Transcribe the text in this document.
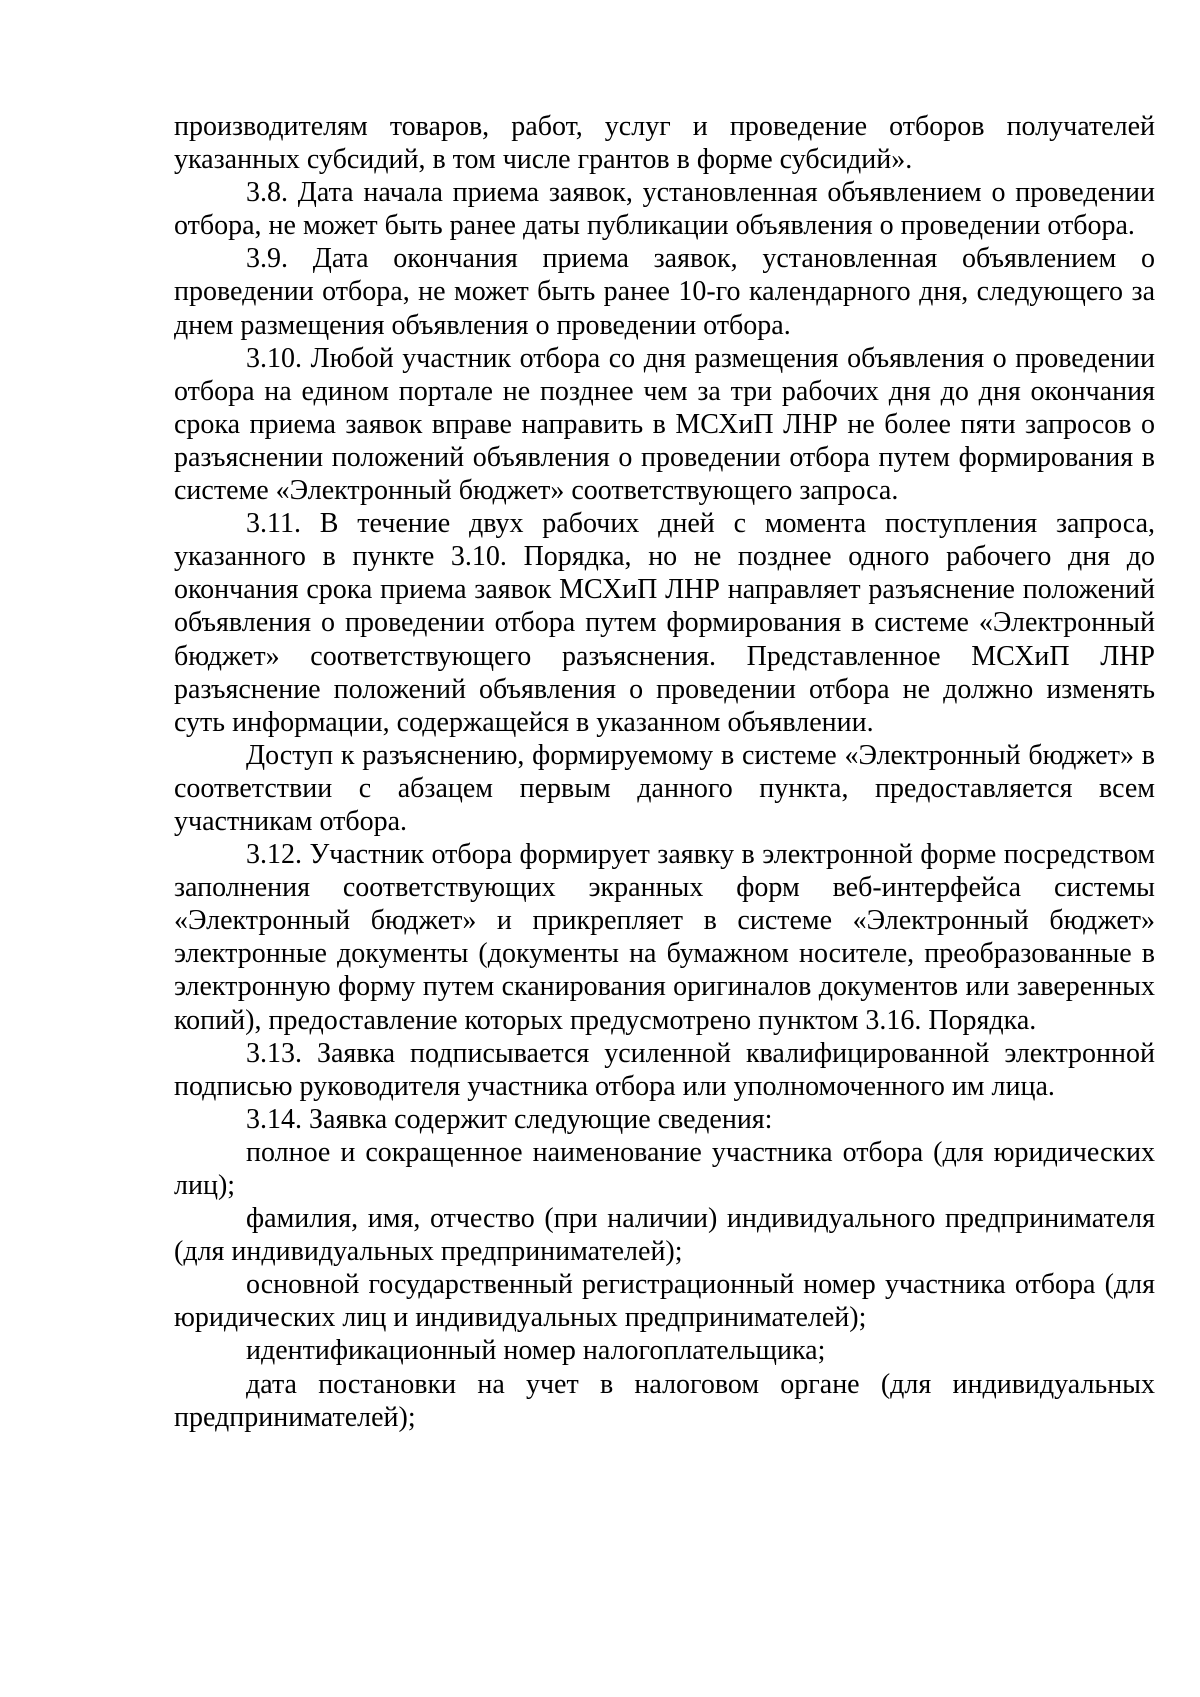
производителям товаров, работ, услуг и проведение отборов получателей указанных субсидий, в том числе грантов в форме субсидий».

3.8. Дата начала приема заявок, установленная объявлением о проведении отбора, не может быть ранее даты публикации объявления о проведении отбора.

3.9. Дата окончания приема заявок, установленная объявлением о проведении отбора, не может быть ранее 10-го календарного дня, следующего за днем размещения объявления о проведении отбора.

3.10. Любой участник отбора со дня размещения объявления о проведении отбора на едином портале не позднее чем за три рабочих дня до дня окончания срока приема заявок вправе направить в МСХиП ЛНР не более пяти запросов о разъяснении положений объявления о проведении отбора путем формирования в системе «Электронный бюджет» соответствующего запроса.

3.11. В течение двух рабочих дней с момента поступления запроса, указанного в пункте 3.10. Порядка, но не позднее одного рабочего дня до окончания срока приема заявок МСХиП ЛНР направляет разъяснение положений объявления о проведении отбора путем формирования в системе «Электронный бюджет» соответствующего разъяснения. Представленное МСХиП ЛНР разъяснение положений объявления о проведении отбора не должно изменять суть информации, содержащейся в указанном объявлении.

Доступ к разъяснению, формируемому в системе «Электронный бюджет» в соответствии с абзацем первым данного пункта, предоставляется всем участникам отбора.

3.12. Участник отбора формирует заявку в электронной форме посредством заполнения соответствующих экранных форм веб-интерфейса системы «Электронный бюджет» и прикрепляет в системе «Электронный бюджет» электронные документы (документы на бумажном носителе, преобразованные в электронную форму путем сканирования оригиналов документов или заверенных копий), предоставление которых предусмотрено пунктом 3.16. Порядка.

3.13. Заявка подписывается усиленной квалифицированной электронной подписью руководителя участника отбора или уполномоченного им лица.

3.14. Заявка содержит следующие сведения:

полное и сокращенное наименование участника отбора (для юридических лиц);

фамилия, имя, отчество (при наличии) индивидуального предпринимателя (для индивидуальных предпринимателей);

основной государственный регистрационный номер участника отбора (для юридических лиц и индивидуальных предпринимателей);

идентификационный номер налогоплательщика;

дата постановки на учет в налоговом органе (для индивидуальных предпринимателей);
